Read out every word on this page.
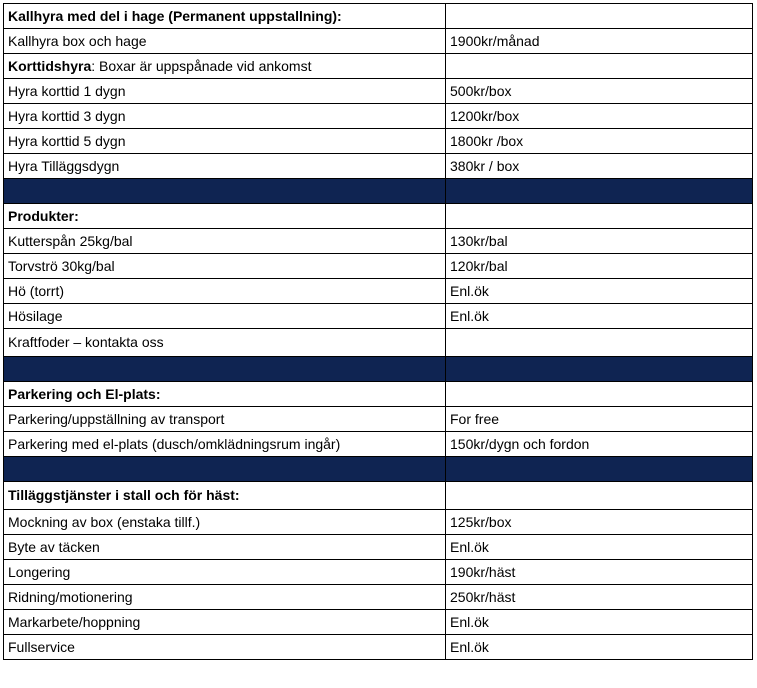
Kallhyra med del i hage (Permanent uppstallning):	
Kallhyra box och hage	1900kr/månad
Korttidshyra: Boxar är uppspånade vid ankomst	
Hyra korttid 1 dygn	500kr/box
Hyra korttid 3 dygn	1200kr/box
Hyra korttid 5 dygn	1800kr /box
Hyra Tilläggsdygn	380kr / box

Produkter:	
Kutterspån 25kg/bal	130kr/bal
Torvströ 30kg/bal	120kr/bal
Hö (torrt)	Enl.ök
Hösilage	Enl.ök
Kraftfoder – kontakta oss	

Parkering och El-plats:	
Parkering/uppställning av transport	For free
Parkering med el-plats (dusch/omklädningsrum ingår)	150kr/dygn och fordon

Tilläggstjänster i stall och för häst:	
Mockning av box (enstaka tillf.)	125kr/box
Byte av täcken	Enl.ök
Longering	190kr/häst
Ridning/motionering	250kr/häst
Markarbete/hoppning	Enl.ök
Fullservice	Enl.ök
